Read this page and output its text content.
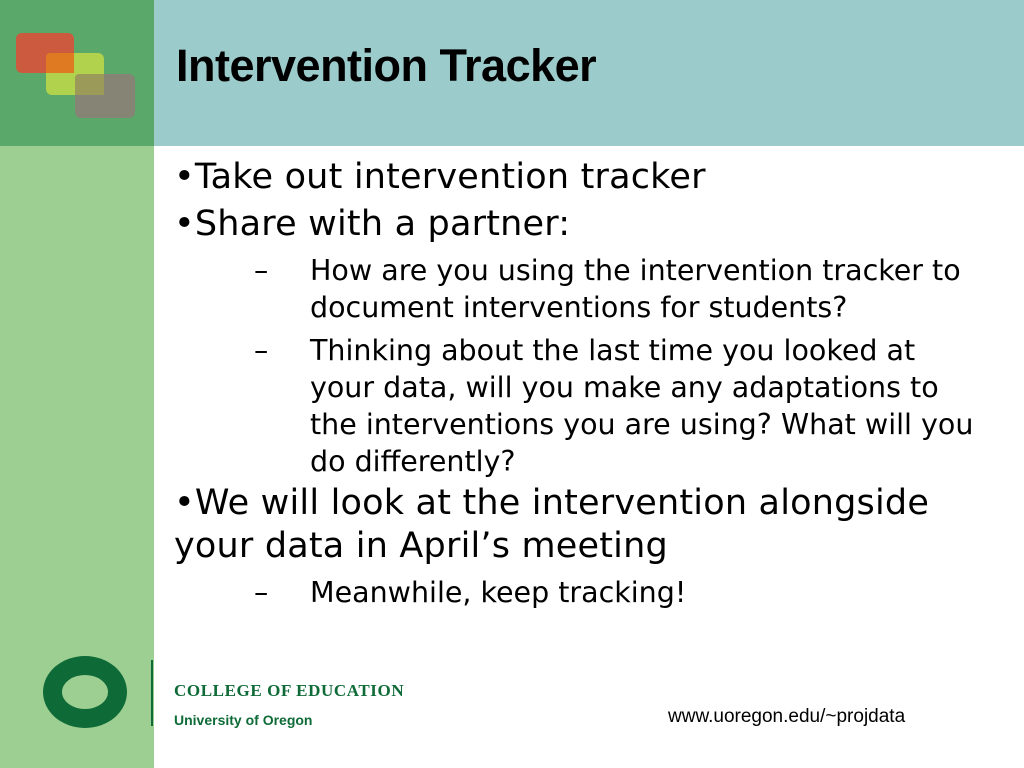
Intervention Tracker
•Take out intervention tracker
•Share with a partner:
– How are you using the intervention tracker to document interventions for students?
– Thinking about the last time you looked at your data, will you make any adaptations to the interventions you are using? What will you do differently?
•We will look at the intervention alongside your data in April’s meeting
– Meanwhile, keep tracking!
COLLEGE OF EDUCATION
University of Oregon	www.uoregon.edu/~projdata
